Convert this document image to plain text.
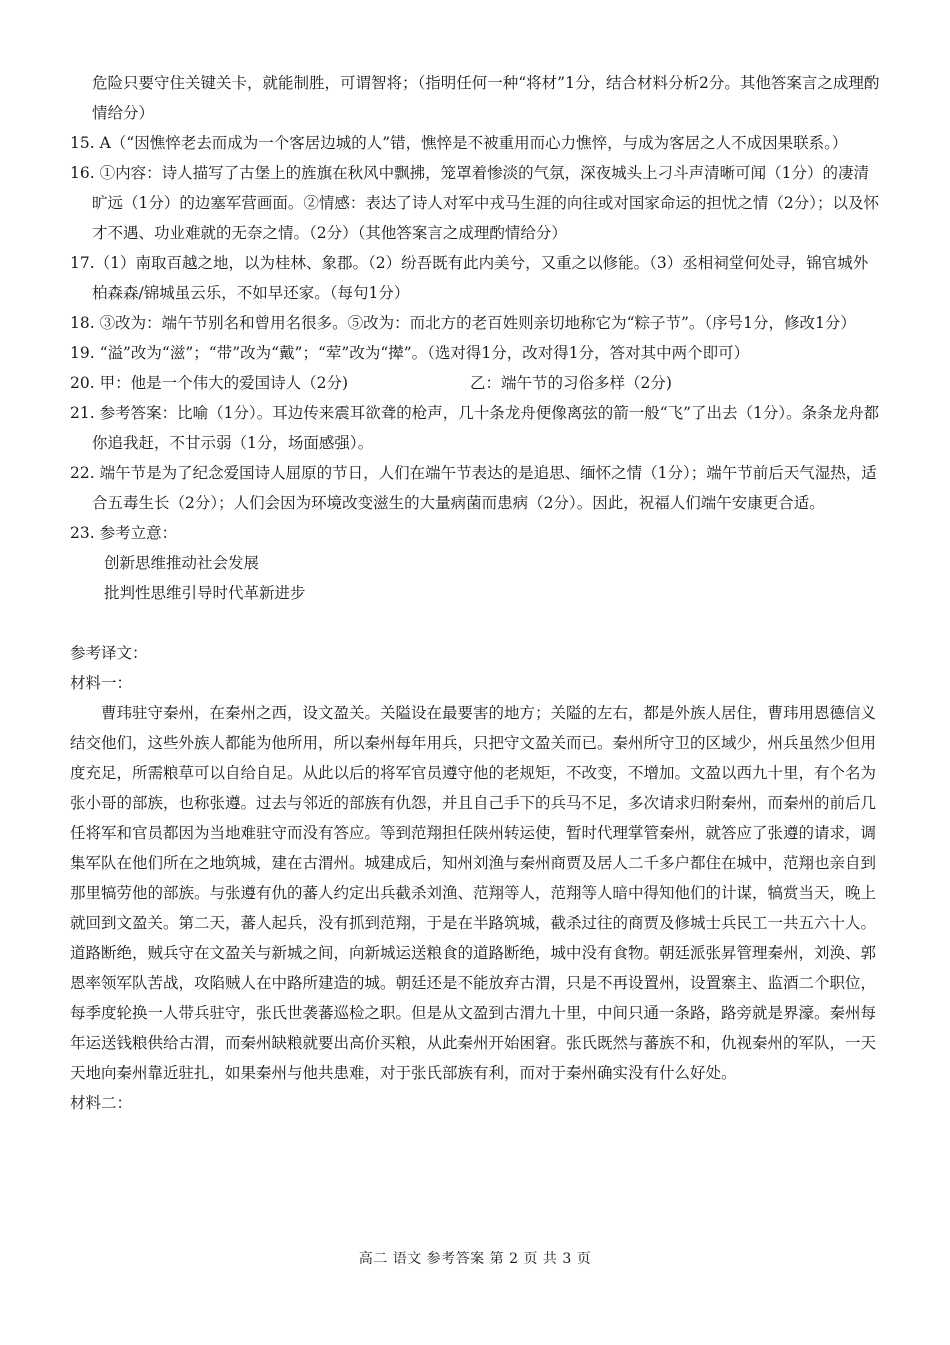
危险只要守住关键关卡，就能制胜，可谓智将；（指明任何一种“将材”1分，结合材料分析2分。其他答案言之成理酌情给分）

15. A（“因憔悴老去而成为一个客居边城的人”错，憔悴是不被重用而心力憔悴，与成为客居之人不成因果联系。）

16. ①内容：诗人描写了古堡上的旌旗在秋风中飘拂，笼罩着惨淡的气氛，深夜城头上刁斗声清晰可闻（1分）的凄清旷远（1分）的边塞军营画面。②情感：表达了诗人对军中戎马生涯的向往或对国家命运的担忧之情（2分）；以及怀才不遇、功业难就的无奈之情。（2分）（其他答案言之成理酌情给分）

17.（1）南取百越之地，以为桂林、象郡。（2）纷吾既有此内美兮，又重之以修能。（3）丞相祠堂何处寻，锦官城外柏森森/锦城虽云乐，不如早还家。（每句1分）

18. ③改为：端午节别名和曾用名很多。⑤改为：而北方的老百姓则亲切地称它为“粽子节”。（序号1分，修改1分）

19. “溢”改为“滋”；“带”改为“戴”；“荤”改为“撵”。（选对得1分，改对得1分，答对其中两个即可）

20. 甲：他是一个伟大的爱国诗人（2分)	乙：端午节的习俗多样（2分)

21. 参考答案：比喻（1分）。耳边传来震耳欲聋的枪声，几十条龙舟便像离弦的箭一般“飞”了出去（1分）。条条龙舟都你追我赶，不甘示弱（1分，场面感强）。

22. 端午节是为了纪念爱国诗人屈原的节日，人们在端午节表达的是追思、缅怀之情（1分）；端午节前后天气湿热，适合五毒生长（2分）；人们会因为环境改变滋生的大量病菌而患病（2分）。因此，祝福人们端午安康更合适。

23. 参考立意：

创新思维推动社会发展

批判性思维引导时代革新进步

参考译文：

材料一：

曹玮驻守秦州，在秦州之西，设文盈关。关隘设在最要害的地方；关隘的左右，都是外族人居住，曹玮用恩德信义结交他们，这些外族人都能为他所用，所以秦州每年用兵，只把守文盈关而已。秦州所守卫的区域少，州兵虽然少但用度充足，所需粮草可以自给自足。从此以后的将军官员遵守他的老规矩，不改变，不增加。文盈以西九十里，有个名为张小哥的部族，也称张遵。过去与邻近的部族有仇怨，并且自己手下的兵马不足，多次请求归附秦州，而秦州的前后几任将军和官员都因为当地难驻守而没有答应。等到范翔担任陕州转运使，暂时代理掌管秦州，就答应了张遵的请求，调集军队在他们所在之地筑城，建在古渭州。城建成后，知州刘渔与秦州商贾及居人二千多户都住在城中，范翔也亲自到那里犒劳他的部族。与张遵有仇的蕃人约定出兵截杀刘渔、范翔等人，范翔等人暗中得知他们的计谋，犒赏当天，晚上就回到文盈关。第二天，蕃人起兵，没有抓到范翔，于是在半路筑城，截杀过往的商贾及修城士兵民工一共五六十人。道路断绝，贼兵守在文盈关与新城之间，向新城运送粮食的道路断绝，城中没有食物。朝廷派张昇管理秦州，刘涣、郭恩率领军队苦战，攻陷贼人在中路所建造的城。朝廷还是不能放弃古渭，只是不再设置州，设置寨主、监酒二个职位，每季度轮换一人带兵驻守，张氏世袭蕃巡检之职。但是从文盈到古渭九十里，中间只通一条路，路旁就是界濠。秦州每年运送钱粮供给古渭，而秦州缺粮就要出高价买粮，从此秦州开始困窘。张氏既然与蕃族不和，仇视秦州的军队，一天天地向秦州靠近驻扎，如果秦州与他共患难，对于张氏部族有利，而对于秦州确实没有什么好处。

材料二：

高二 语文 参考答案 第 2 页 共 3 页
